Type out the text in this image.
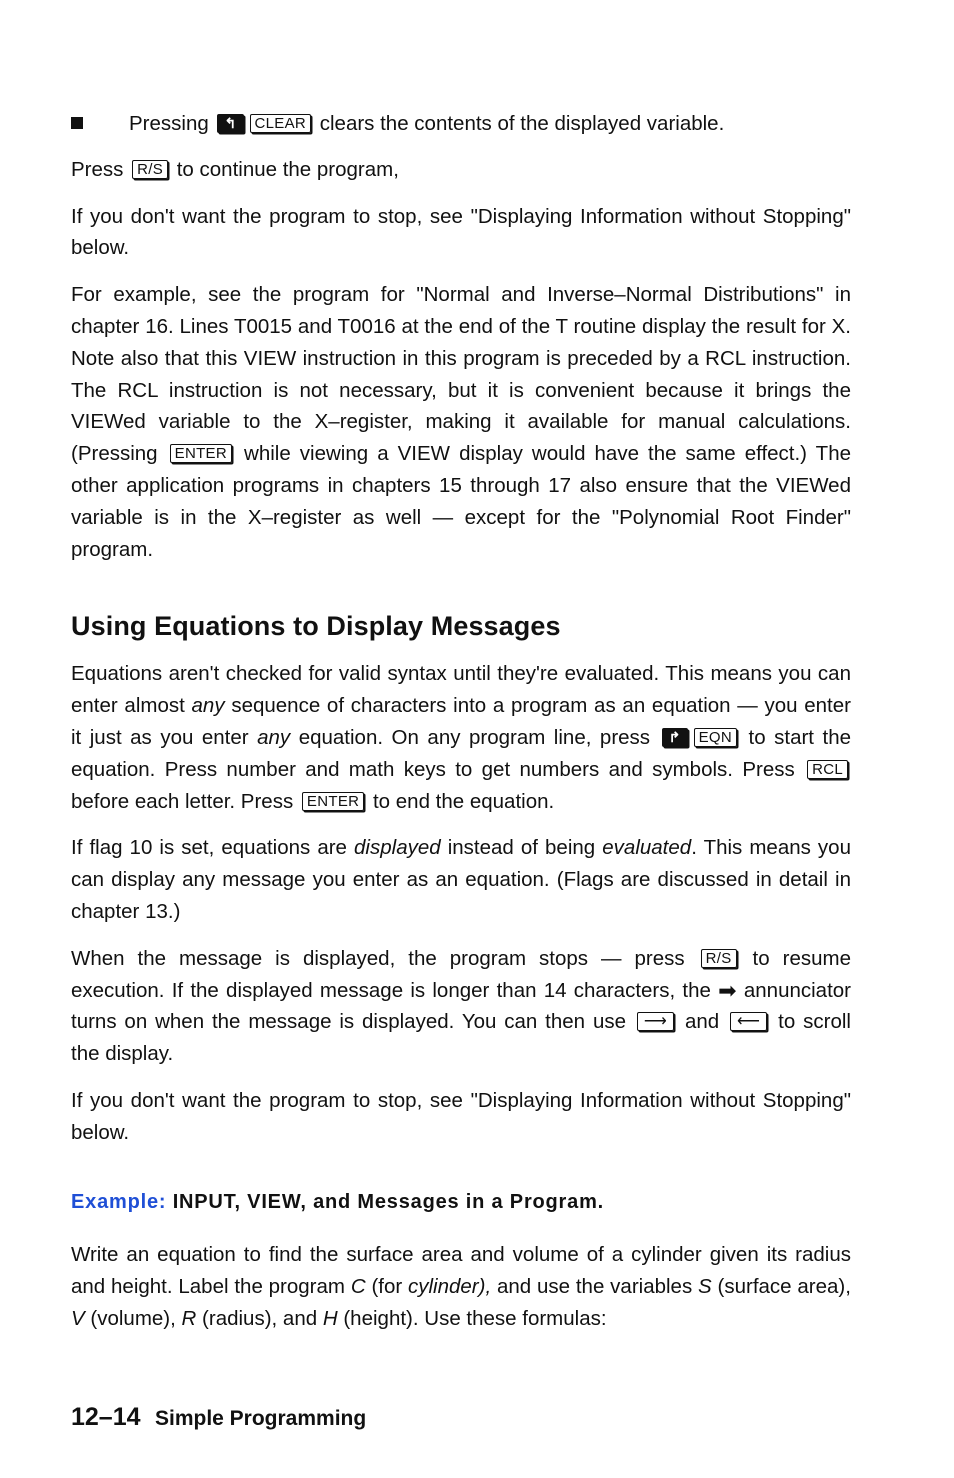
Pressing ↰ CLEAR clears the contents of the displayed variable.

Press R/S to continue the program,

If you don't want the program to stop, see "Displaying Information without Stopping" below.

For example, see the program for "Normal and Inverse–Normal Distributions" in chapter 16. Lines T0015 and T0016 at the end of the T routine display the result for X. Note also that this VIEW instruction in this program is preceded by a RCL instruction. The RCL instruction is not necessary, but it is convenient because it brings the VIEWed variable to the X–register, making it available for manual calculations. (Pressing ENTER while viewing a VIEW display would have the same effect.) The other application programs in chapters 15 through 17 also ensure that the VIEWed variable is in the X–register as well — except for the "Polynomial Root Finder" program.

Using Equations to Display Messages

Equations aren't checked for valid syntax until they're evaluated. This means you can enter almost any sequence of characters into a program as an equation — you enter it just as you enter any equation. On any program line, press ↱ EQN to start the equation. Press number and math keys to get numbers and symbols. Press RCL before each letter. Press ENTER to end the equation.

If flag 10 is set, equations are displayed instead of being evaluated. This means you can display any message you enter as an equation. (Flags are discussed in detail in chapter 13.)

When the message is displayed, the program stops — press R/S to resume execution. If the displayed message is longer than 14 characters, the ➡ annunciator turns on when the message is displayed. You can then use ⟶ and ⟵ to scroll the display.

If you don't want the program to stop, see "Displaying Information without Stopping" below.

Example: INPUT, VIEW, and Messages in a Program.

Write an equation to find the surface area and volume of a cylinder given its radius and height. Label the program C (for cylinder), and use the variables S (surface area), V (volume), R (radius), and H (height). Use these formulas:

12–14 Simple Programming
